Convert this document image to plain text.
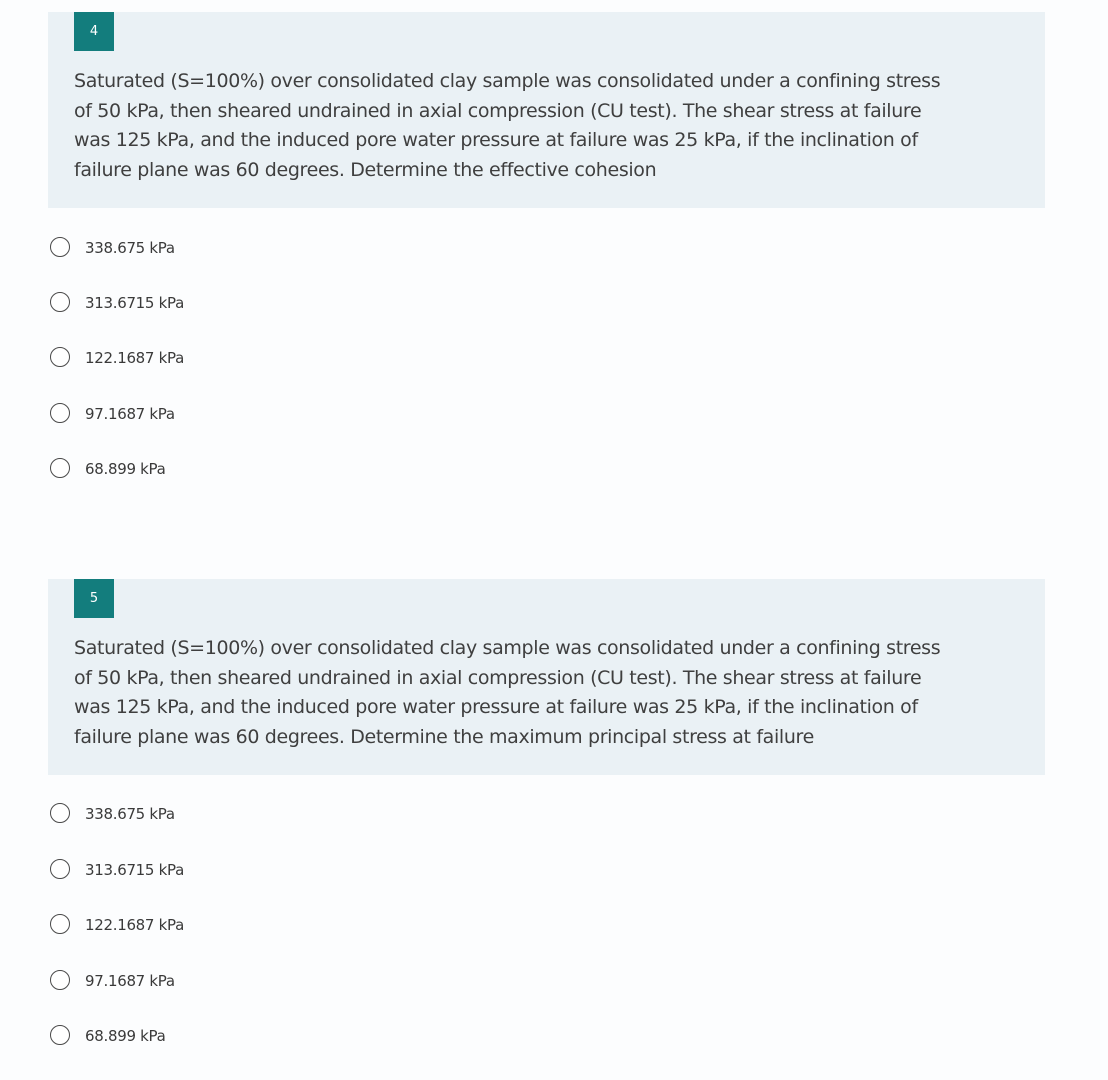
4
Saturated (S=100%) over consolidated clay sample was consolidated under a confining stress
of 50 kPa, then sheared undrained in axial compression (CU test). The shear stress at failure
was 125 kPa, and the induced pore water pressure at failure was 25 kPa, if the inclination of
failure plane was 60 degrees. Determine the effective cohesion
338.675 kPa
313.6715 kPa
122.1687 kPa
97.1687 kPa
68.899 kPa
5
Saturated (S=100%) over consolidated clay sample was consolidated under a confining stress
of 50 kPa, then sheared undrained in axial compression (CU test). The shear stress at failure
was 125 kPa, and the induced pore water pressure at failure was 25 kPa, if the inclination of
failure plane was 60 degrees. Determine the maximum principal stress at failure
338.675 kPa
313.6715 kPa
122.1687 kPa
97.1687 kPa
68.899 kPa
